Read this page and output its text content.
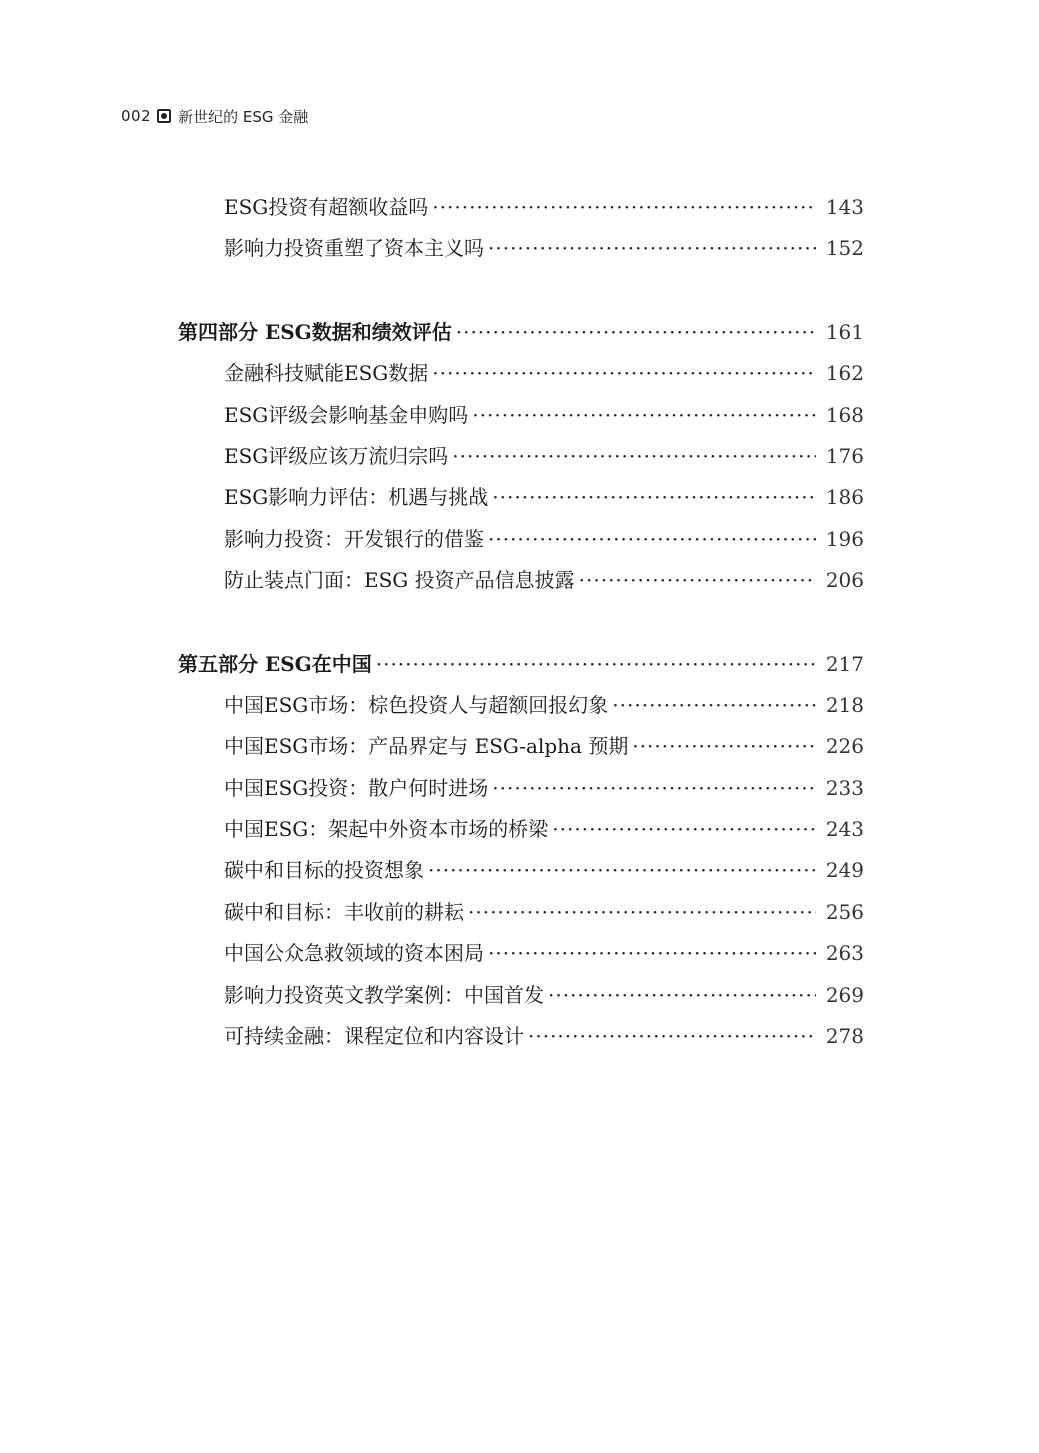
002 新世纪的 ESG 金融
ESG投资有超额收益吗 ·····	143
影响力投资重塑了资本主义吗 ·····	152
第四部分 ESG数据和绩效评估 ·····	161
金融科技赋能ESG数据 ·····	162
ESG评级会影响基金申购吗 ·····	168
ESG评级应该万流归宗吗 ·····	176
ESG影响力评估：机遇与挑战 ·····	186
影响力投资：开发银行的借鉴 ·····	196
防止装点门面：ESG 投资产品信息披露 ·····	206
第五部分 ESG在中国 ·····	217
中国ESG市场：棕色投资人与超额回报幻象 ·····	218
中国ESG市场：产品界定与 ESG-alpha 预期 ·····	226
中国ESG投资：散户何时进场 ·····	233
中国ESG：架起中外资本市场的桥梁 ·····	243
碳中和目标的投资想象 ·····	249
碳中和目标：丰收前的耕耘 ·····	256
中国公众急救领域的资本困局 ·····	263
影响力投资英文教学案例：中国首发 ·····	269
可持续金融：课程定位和内容设计 ·····	278
